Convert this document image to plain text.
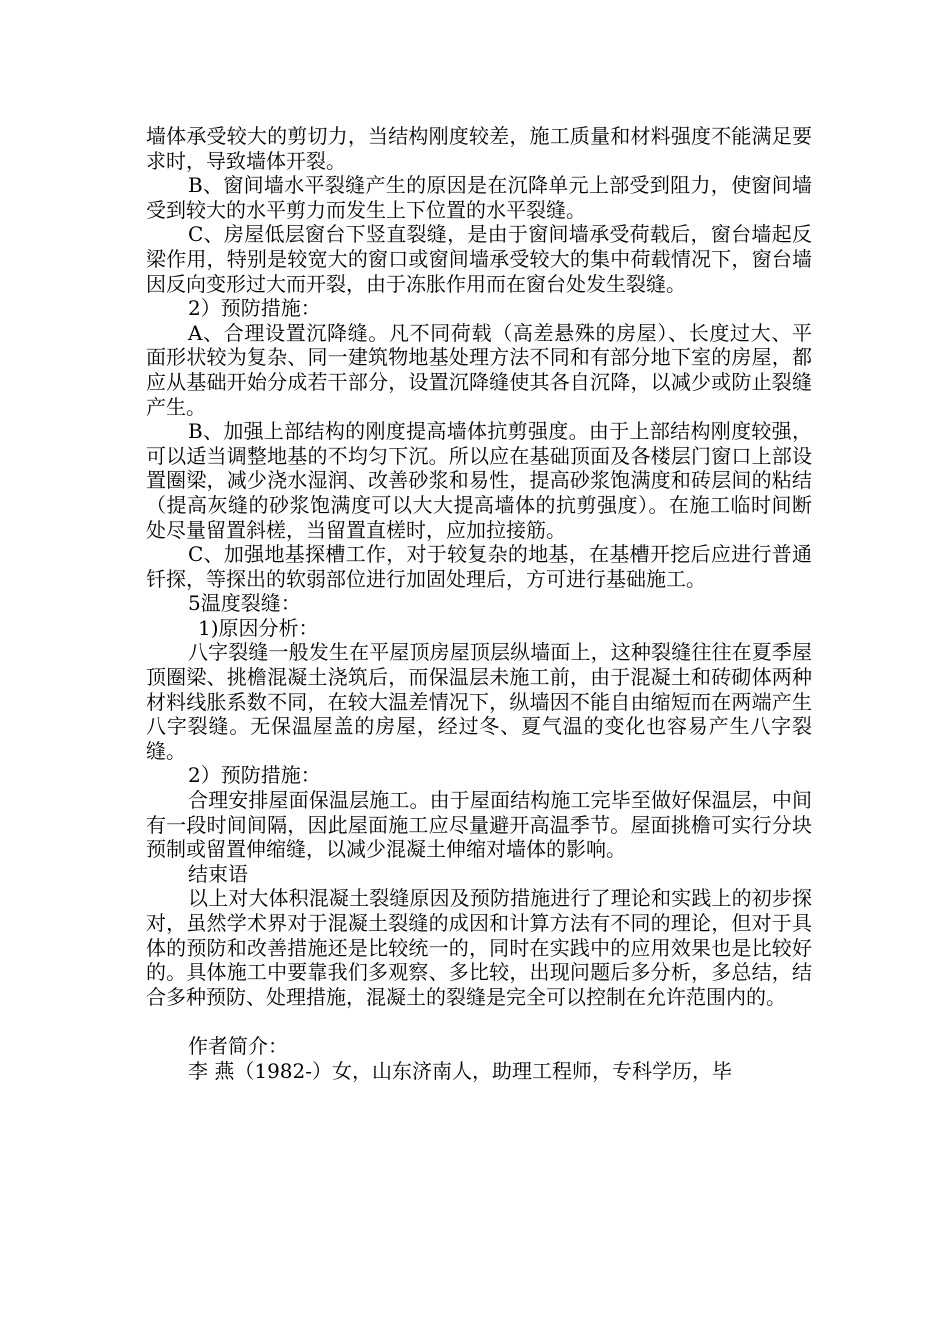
墙体承受较大的剪切力，当结构刚度较差，施工质量和材料强度不能满足要求时，导致墙体开裂。

B、窗间墙水平裂缝产生的原因是在沉降单元上部受到阻力，使窗间墙受到较大的水平剪力而发生上下位置的水平裂缝。

C、房屋低层窗台下竖直裂缝，是由于窗间墙承受荷载后，窗台墙起反梁作用，特别是较宽大的窗口或窗间墙承受较大的集中荷载情况下，窗台墙因反向变形过大而开裂，由于冻胀作用而在窗台处发生裂缝。

2）预防措施：

A、合理设置沉降缝。凡不同荷载（高差悬殊的房屋）、长度过大、平面形状较为复杂、同一建筑物地基处理方法不同和有部分地下室的房屋，都应从基础开始分成若干部分，设置沉降缝使其各自沉降，以减少或防止裂缝产生。

B、加强上部结构的刚度提高墙体抗剪强度。由于上部结构刚度较强，可以适当调整地基的不均匀下沉。所以应在基础顶面及各楼层门窗口上部设置圈梁，减少浇水湿润、改善砂浆和易性，提高砂浆饱满度和砖层间的粘结（提高灰缝的砂浆饱满度可以大大提高墙体的抗剪强度）。在施工临时间断处尽量留置斜槎，当留置直槎时，应加拉接筋。

C、加强地基探槽工作，对于较复杂的地基，在基槽开挖后应进行普通钎探，等探出的软弱部位进行加固处理后，方可进行基础施工。

5温度裂缝：

1)原因分析：

八字裂缝一般发生在平屋顶房屋顶层纵墙面上，这种裂缝往往在夏季屋顶圈梁、挑檐混凝土浇筑后，而保温层未施工前，由于混凝土和砖砌体两种材料线胀系数不同，在较大温差情况下，纵墙因不能自由缩短而在两端产生八字裂缝。无保温屋盖的房屋，经过冬、夏气温的变化也容易产生八字裂缝。

2）预防措施：

合理安排屋面保温层施工。由于屋面结构施工完毕至做好保温层，中间有一段时间间隔，因此屋面施工应尽量避开高温季节。屋面挑檐可实行分块预制或留置伸缩缝，以减少混凝土伸缩对墙体的影响。

结束语

以上对大体积混凝土裂缝原因及预防措施进行了理论和实践上的初步探对，虽然学术界对于混凝土裂缝的成因和计算方法有不同的理论，但对于具体的预防和改善措施还是比较统一的，同时在实践中的应用效果也是比较好的。具体施工中要靠我们多观察、多比较，出现问题后多分析，多总结，结合多种预防、处理措施，混凝土的裂缝是完全可以控制在允许范围内的。

作者简介：

李 燕（1982-）女，山东济南人，助理工程师，专科学历，毕
